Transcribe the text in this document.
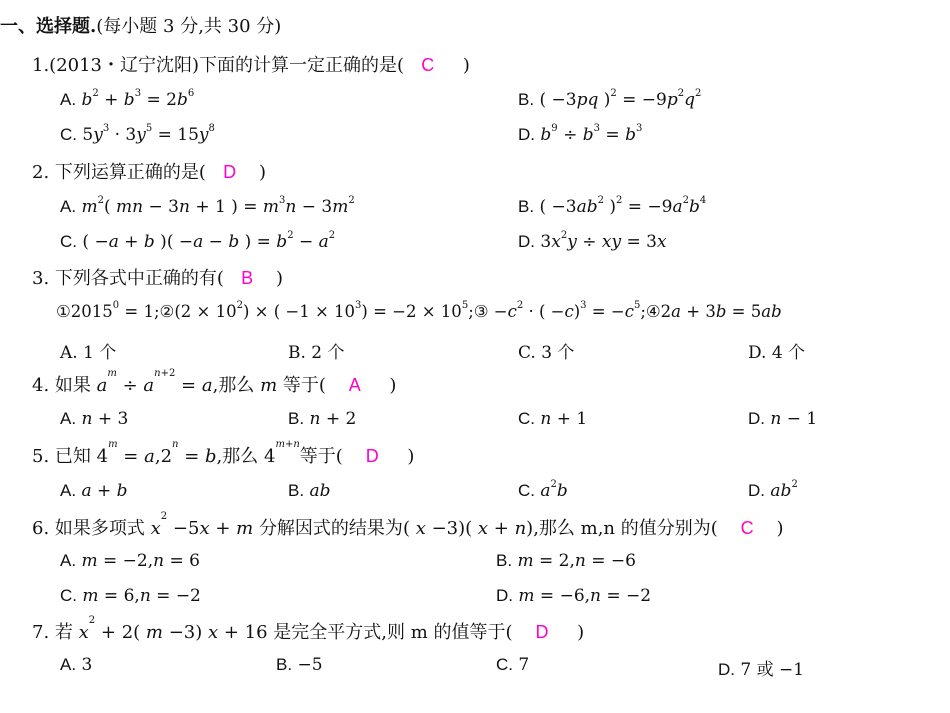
一、选择题.(每小题 3 分,共 30 分)
1.(2013・辽宁沈阳)下面的计算一定正确的是( C )
A. $b^2 + b^3 = 2b^6$	B. ( −3pq )$^2 = -9p^2q^2$
C. $5y^3 \cdot 3y^5 = 15y^8$	D. $b^9 \div b^3 = b^3$
2. 下列运算正确的是( D )
A. $m^2$( mn − 3n + 1 ) = $m^3n - 3m^2$	B. ( $-3ab^2$ )$^2 = -9a^2b^4$
C. ( −a + b )( −a − b ) = $b^2 - a^2$	D. $3x^2y$ ÷ xy = 3x
3. 下列各式中正确的有( B )
$①2015^0$ = 1;②(2 × $10^2$) × ( $-1 \times 10^3) = -2$ × $10^5;③ -c^2$ · ( $-c)^3 = -c^5;④2a + 3b = 5ab$
A. 1 个	B. 2 个	C. 3 个	D. 4 个
4. 如果 $a^m \div a^{n+2} = a$,那么 m 等于( A )
A. n + 3	B. n + 2	C. n + 1	D. n − 1
5. 已知 $4^m = a,2^n = b$,那么 $4^{m+n}$等于( D )
A. a + b	B. ab	C. $a^2b$	D. $ab^2$
6. 如果多项式 $x^2 -5x + m$ 分解因式的结果为( x −3)( x + n),那么 m,n 的值分别为( C )
A. m = −2,n = 6	B. m = 2,n = −6
C. m = 6,n = −2	D. m = −6,n = −2
7. 若 $x^2 + 2$( m −3) x + 16 是完全平方式,则 m 的值等于( D )
A. 3	B. −5	C. 7	D. 7 或 −1
